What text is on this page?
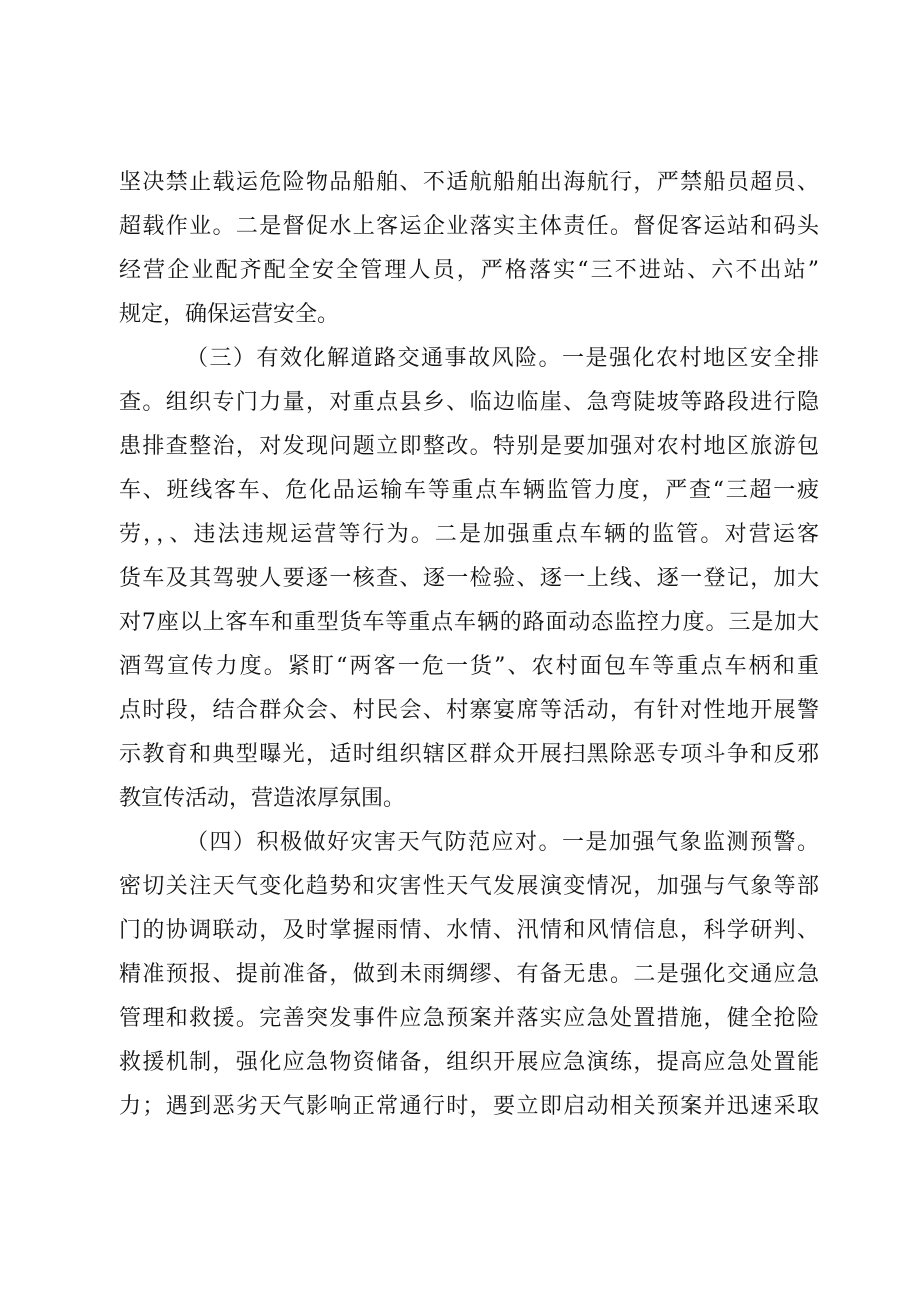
坚决禁止载运危险物品船舶、不适航船舶出海航行，严禁船员超员、
超载作业。二是督促水上客运企业落实主体责任。督促客运站和码头
经营企业配齐配全安全管理人员，严格落实“三不进站、六不出站”
规定，确保运营安全。
（三）有效化解道路交通事故风险。一是强化农村地区安全排
查。组织专门力量，对重点县乡、临边临崖、急弯陡坡等路段进行隐
患排查整治，对发现问题立即整改。特别是要加强对农村地区旅游包
车、班线客车、危化品运输车等重点车辆监管力度，严查“三超一疲
劳，，、违法违规运营等行为。二是加强重点车辆的监管。对营运客
货车及其驾驶人要逐一核查、逐一检验、逐一上线、逐一登记，加大
对7座以上客车和重型货车等重点车辆的路面动态监控力度。三是加大
酒驾宣传力度。紧盯“两客一危一货”、农村面包车等重点车柄和重
点时段，结合群众会、村民会、村寨宴席等活动，有针对性地开展警
示教育和典型曝光，适时组织辖区群众开展扫黑除恶专项斗争和反邪
教宣传活动，营造浓厚氛围。
（四）积极做好灾害天气防范应对。一是加强气象监测预警。
密切关注天气变化趋势和灾害性天气发展演变情况，加强与气象等部
门的协调联动，及时掌握雨情、水情、汛情和风情信息，科学研判、
精准预报、提前准备，做到未雨绸缪、有备无患。二是强化交通应急
管理和救援。完善突发事件应急预案并落实应急处置措施，健全抢险
救援机制，强化应急物资储备，组织开展应急演练，提高应急处置能
力；遇到恶劣天气影响正常通行时，要立即启动相关预案并迅速采取
